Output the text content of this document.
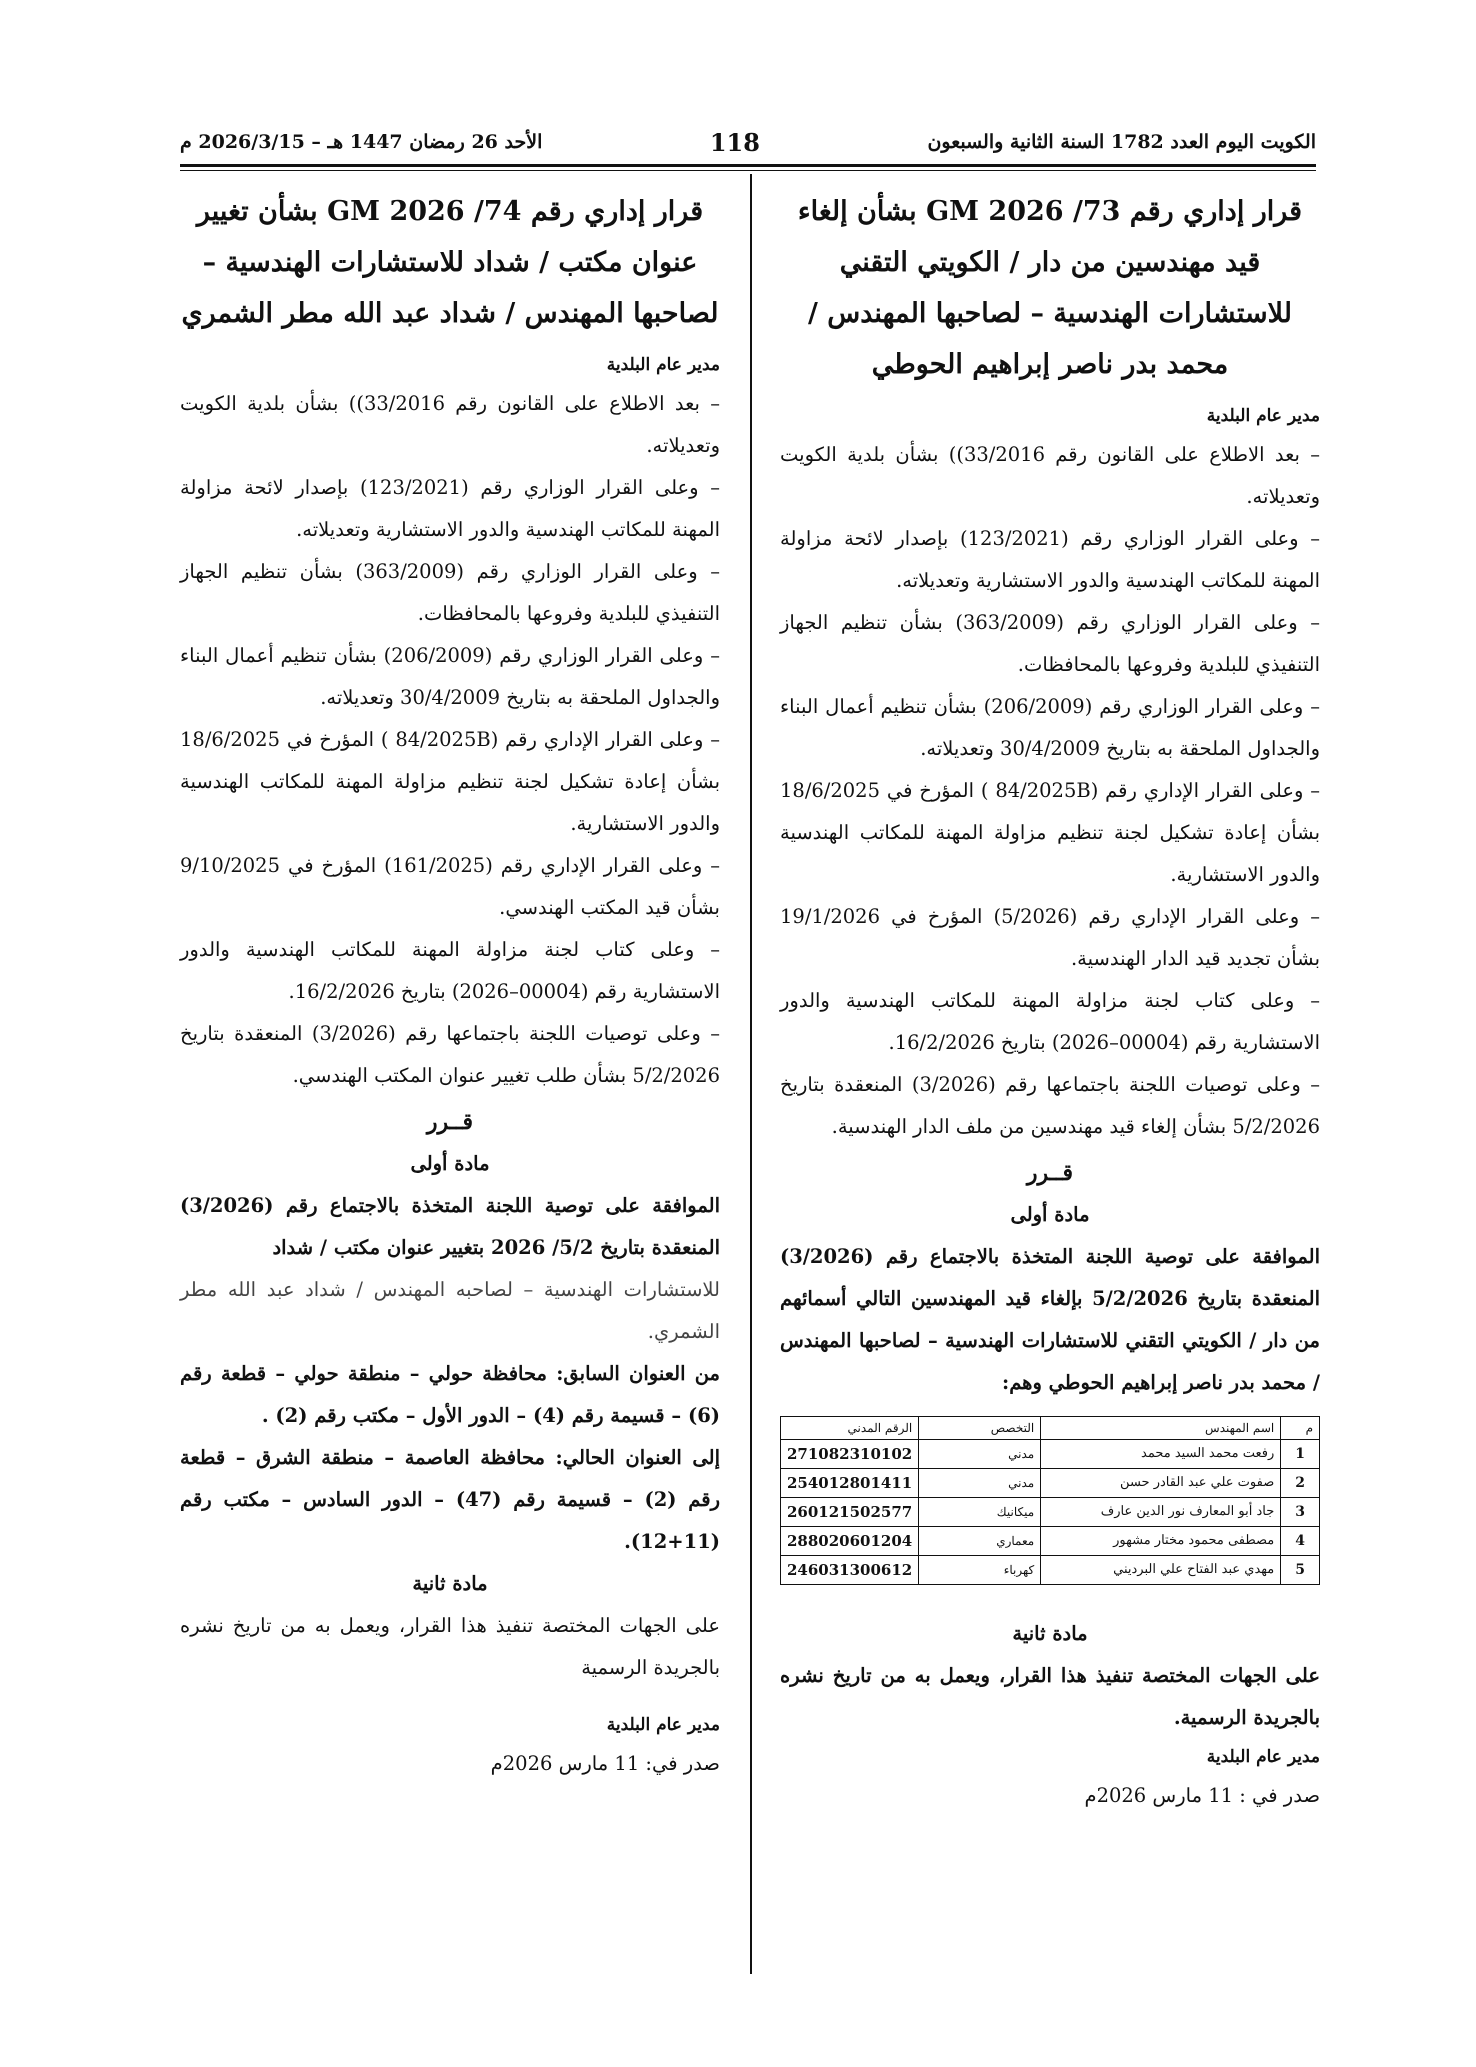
الكويت اليوم العدد 1782 السنة الثانية والسبعون
118
الأحد 26 رمضان 1447 هـ – 2026/3/15 م
قرار إداري رقم 73/ GM 2026 بشأن إلغاء قيد مهندسين من دار / الكويتي التقني للاستشارات الهندسية – لصاحبها المهندس / محمد بدر ناصر إبراهيم الحوطي
مدير عام البلدية

– بعد الاطلاع على القانون رقم 33/2016)) بشأن بلدية الكويت وتعديلاته.

– وعلى القرار الوزاري رقم (123/2021) بإصدار لائحة مزاولة المهنة للمكاتب الهندسية والدور الاستشارية وتعديلاته.

– وعلى القرار الوزاري رقم (363/2009) بشأن تنظيم الجهاز التنفيذي للبلدية وفروعها بالمحافظات.

– وعلى القرار الوزاري رقم (206/2009) بشأن تنظيم أعمال البناء والجداول الملحقة به بتاريخ 30/4/2009 وتعديلاته.

– وعلى القرار الإداري رقم (84/2025B ) المؤرخ في 18/6/2025 بشأن إعادة تشكيل لجنة تنظيم مزاولة المهنة للمكاتب الهندسية والدور الاستشارية.

– وعلى القرار الإداري رقم (5/2026) المؤرخ في 19/1/2026 بشأن تجديد قيد الدار الهندسية.

– وعلى كتاب لجنة مزاولة المهنة للمكاتب الهندسية والدور الاستشارية رقم (00004–2026) بتاريخ 16/2/2026.

– وعلى توصيات اللجنة باجتماعها رقم (3/2026) المنعقدة بتاريخ 5/2/2026 بشأن إلغاء قيد مهندسين من ملف الدار الهندسية.

قــرر
مادة أولى

الموافقة على توصية اللجنة المتخذة بالاجتماع رقم (3/2026) المنعقدة بتاريخ 5/2/2026 بإلغاء قيد المهندسين التالي أسمائهم من دار / الكويتي التقني للاستشارات الهندسية – لصاحبها المهندس / محمد بدر ناصر إبراهيم الحوطي وهم:

م	اسم المهندس	التخصص	الرقم المدني
1	رفعت محمد السيد محمد	مدني	271082310102
2	صفوت علي عبد القادر حسن	مدني	254012801411
3	جاد أبو المعارف نور الدين عارف	ميكانيك	260121502577
4	مصطفى محمود مختار مشهور	معماري	288020601204
5	مهدي عبد الفتاح علي البرديني	كهرباء	246031300612
مادة ثانية

على الجهات المختصة تنفيذ هذا القرار، ويعمل به من تاريخ نشره بالجريدة الرسمية.

مدير عام البلدية

صدر في : 11 مارس 2026م

قرار إداري رقم 74/ GM 2026 بشأن تغيير عنوان مكتب / شداد للاستشارات الهندسية – لصاحبها المهندس / شداد عبد الله مطر الشمري
مدير عام البلدية

– بعد الاطلاع على القانون رقم 33/2016)) بشأن بلدية الكويت وتعديلاته.

– وعلى القرار الوزاري رقم (123/2021) بإصدار لائحة مزاولة المهنة للمكاتب الهندسية والدور الاستشارية وتعديلاته.

– وعلى القرار الوزاري رقم (363/2009) بشأن تنظيم الجهاز التنفيذي للبلدية وفروعها بالمحافظات.

– وعلى القرار الوزاري رقم (206/2009) بشأن تنظيم أعمال البناء والجداول الملحقة به بتاريخ 30/4/2009 وتعديلاته.

– وعلى القرار الإداري رقم (84/2025B ) المؤرخ في 18/6/2025 بشأن إعادة تشكيل لجنة تنظيم مزاولة المهنة للمكاتب الهندسية والدور الاستشارية.

– وعلى القرار الإداري رقم (161/2025) المؤرخ في 9/10/2025 بشأن قيد المكتب الهندسي.

– وعلى كتاب لجنة مزاولة المهنة للمكاتب الهندسية والدور الاستشارية رقم (00004–2026) بتاريخ 16/2/2026.

– وعلى توصيات اللجنة باجتماعها رقم (3/2026) المنعقدة بتاريخ 5/2/2026 بشأن طلب تغيير عنوان المكتب الهندسي.

قــرر
مادة أولى

الموافقة على توصية اللجنة المتخذة بالاجتماع رقم (3/2026) المنعقدة بتاريخ 5/2/ 2026 بتغيير عنوان مكتب / شداد

للاستشارات الهندسية – لصاحبه المهندس / شداد عبد الله مطر الشمري.

من العنوان السابق: محافظة حولي – منطقة حولي – قطعة رقم (6) – قسيمة رقم (4) – الدور الأول – مكتب رقم (2) .

إلى العنوان الحالي: محافظة العاصمة – منطقة الشرق – قطعة رقم (2) – قسيمة رقم (47) – الدور السادس – مكتب رقم (11+12).

مادة ثانية

على الجهات المختصة تنفيذ هذا القرار، ويعمل به من تاريخ نشره بالجريدة الرسمية

مدير عام البلدية

صدر في: 11 مارس 2026م
